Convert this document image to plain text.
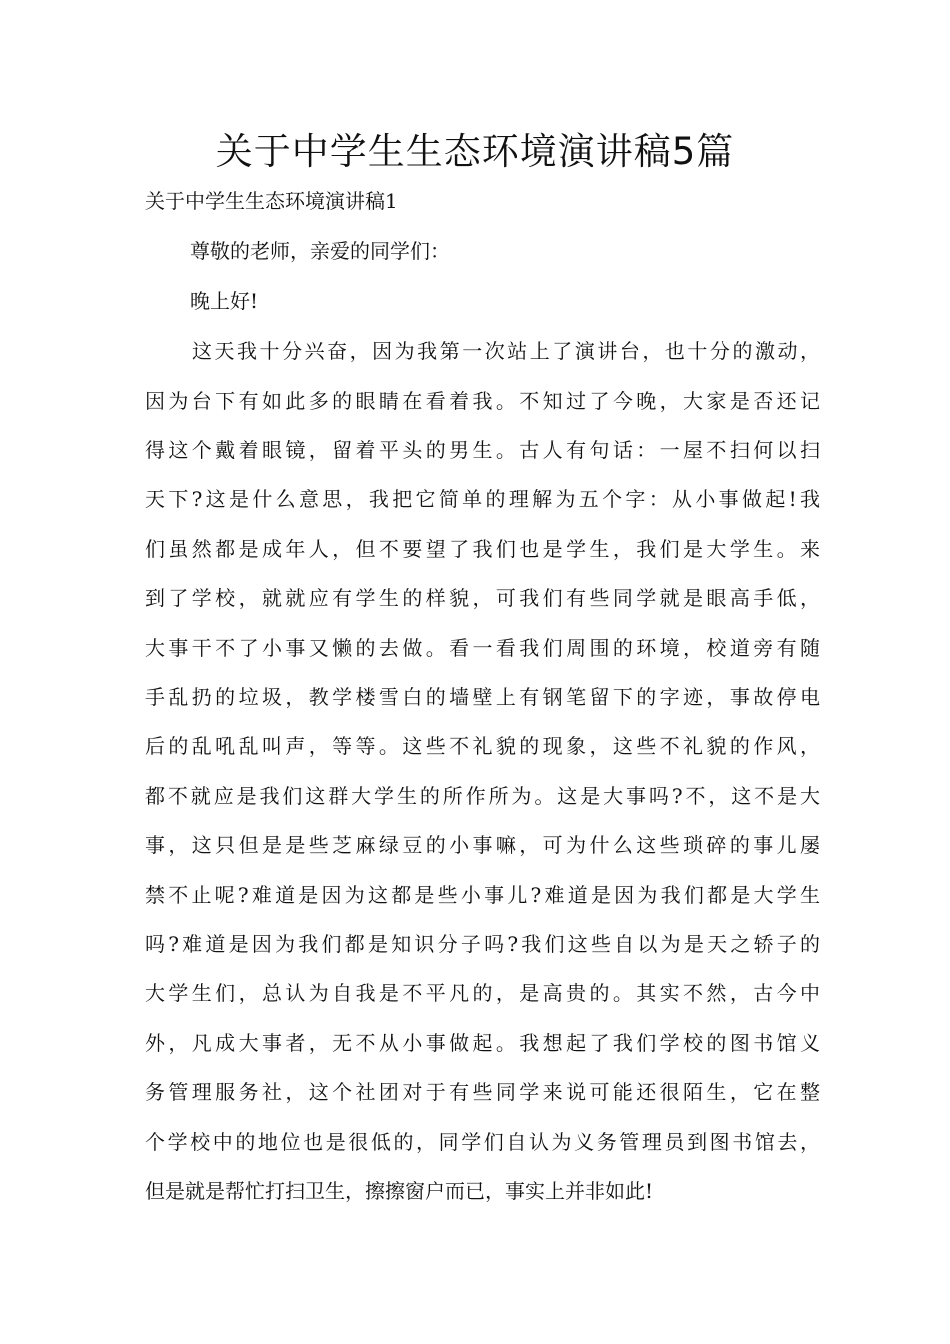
关于中学生生态环境演讲稿5篇

关于中学生生态环境演讲稿1

尊敬的老师，亲爱的同学们：

晚上好!

这天我十分兴奋，因为我第一次站上了演讲台，也十分的激动，

因为台下有如此多的眼睛在看着我。不知过了今晚，大家是否还记

得这个戴着眼镜，留着平头的男生。古人有句话：一屋不扫何以扫

天下?这是什么意思，我把它简单的理解为五个字：从小事做起!我

们虽然都是成年人，但不要望了我们也是学生，我们是大学生。来

到了学校，就就应有学生的样貌，可我们有些同学就是眼高手低，

大事干不了小事又懒的去做。看一看我们周围的环境，校道旁有随

手乱扔的垃圾，教学楼雪白的墙壁上有钢笔留下的字迹，事故停电

后的乱吼乱叫声，等等。这些不礼貌的现象，这些不礼貌的作风，

都不就应是我们这群大学生的所作所为。这是大事吗?不，这不是大

事，这只但是是些芝麻绿豆的小事嘛，可为什么这些琐碎的事儿屡

禁不止呢?难道是因为这都是些小事儿?难道是因为我们都是大学生

吗?难道是因为我们都是知识分子吗?我们这些自以为是天之轿子的

大学生们，总认为自我是不平凡的，是高贵的。其实不然，古今中

外，凡成大事者，无不从小事做起。我想起了我们学校的图书馆义

务管理服务社，这个社团对于有些同学来说可能还很陌生，它在整

个学校中的地位也是很低的，同学们自认为义务管理员到图书馆去，

但是就是帮忙打扫卫生，擦擦窗户而已，事实上并非如此!
